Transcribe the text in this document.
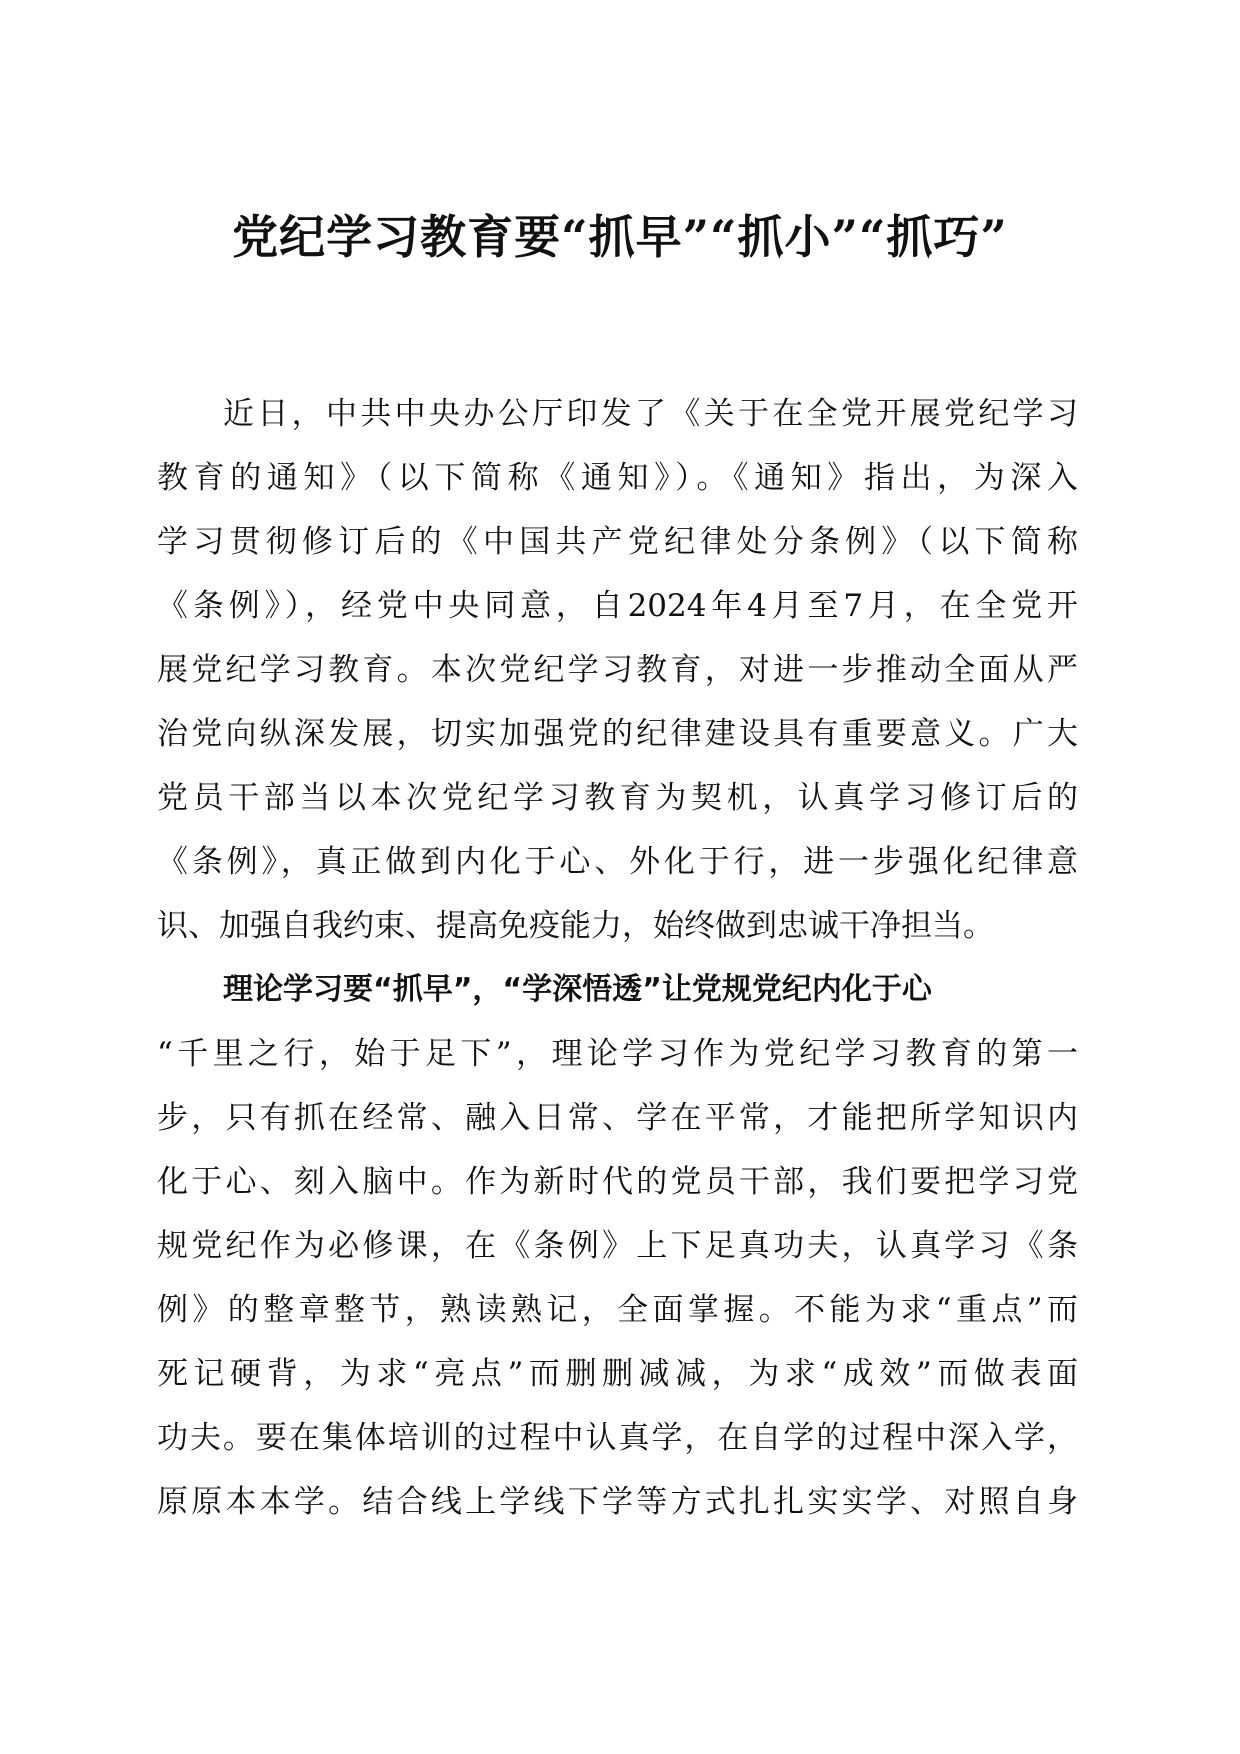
党纪学习教育要“抓早”“抓小”“抓巧”
近日，中共中央办公厅印发了《关于在全党开展党纪学习
教育的通知》（以下简称《通知》）。《通知》指出，为深入
学习贯彻修订后的《中国共产党纪律处分条例》（以下简称
《条例》），经党中央同意，自2024年4月至7月，在全党开
展党纪学习教育。本次党纪学习教育，对进一步推动全面从严
治党向纵深发展，切实加强党的纪律建设具有重要意义。广大
党员干部当以本次党纪学习教育为契机，认真学习修订后的
《条例》，真正做到内化于心、外化于行，进一步强化纪律意
识、加强自我约束、提高免疫能力，始终做到忠诚干净担当。
理论学习要“抓早”，“学深悟透”让党规党纪内化于心
“千里之行，始于足下”，理论学习作为党纪学习教育的第一
步，只有抓在经常、融入日常、学在平常，才能把所学知识内
化于心、刻入脑中。作为新时代的党员干部，我们要把学习党
规党纪作为必修课，在《条例》上下足真功夫，认真学习《条
例》的整章整节，熟读熟记，全面掌握。不能为求“重点”而
死记硬背，为求“亮点”而删删减减，为求“成效”而做表面
功夫。要在集体培训的过程中认真学，在自学的过程中深入学，
原原本本学。结合线上学线下学等方式扎扎实实学、对照自身
